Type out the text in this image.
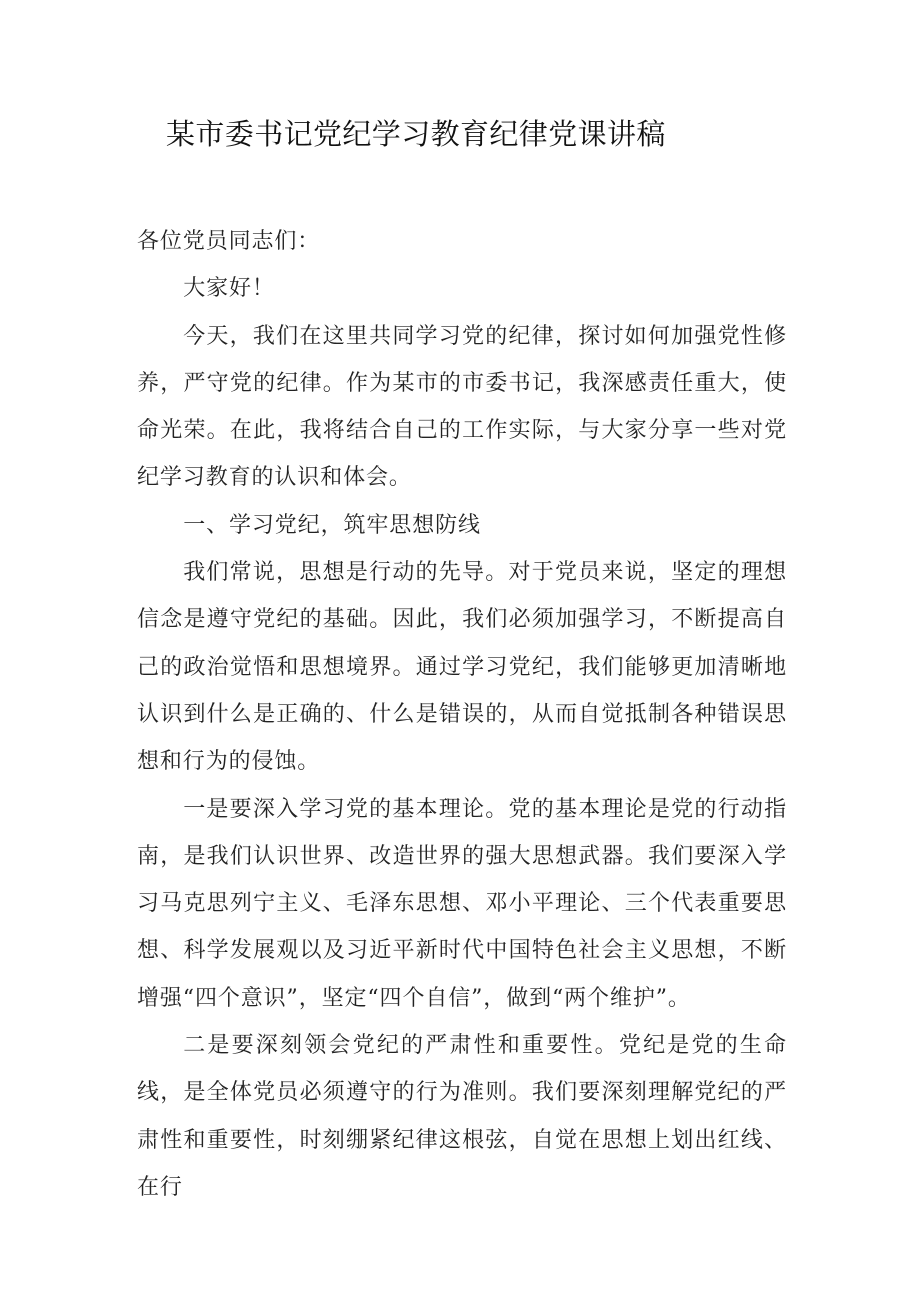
某市委书记党纪学习教育纪律党课讲稿

各位党员同志们：

大家好！

今天，我们在这里共同学习党的纪律，探讨如何加强党性修养，严守党的纪律。作为某市的市委书记，我深感责任重大，使命光荣。在此，我将结合自己的工作实际，与大家分享一些对党纪学习教育的认识和体会。

一、学习党纪，筑牢思想防线

我们常说，思想是行动的先导。对于党员来说，坚定的理想信念是遵守党纪的基础。因此，我们必须加强学习，不断提高自己的政治觉悟和思想境界。通过学习党纪，我们能够更加清晰地认识到什么是正确的、什么是错误的，从而自觉抵制各种错误思想和行为的侵蚀。

一是要深入学习党的基本理论。党的基本理论是党的行动指南，是我们认识世界、改造世界的强大思想武器。我们要深入学习马克思列宁主义、毛泽东思想、邓小平理论、三个代表重要思想、科学发展观以及习近平新时代中国特色社会主义思想，不断增强“四个意识”，坚定“四个自信”，做到“两个维护”。

二是要深刻领会党纪的严肃性和重要性。党纪是党的生命线，是全体党员必须遵守的行为准则。我们要深刻理解党纪的严肃性和重要性，时刻绷紧纪律这根弦，自觉在思想上划出红线、在行
